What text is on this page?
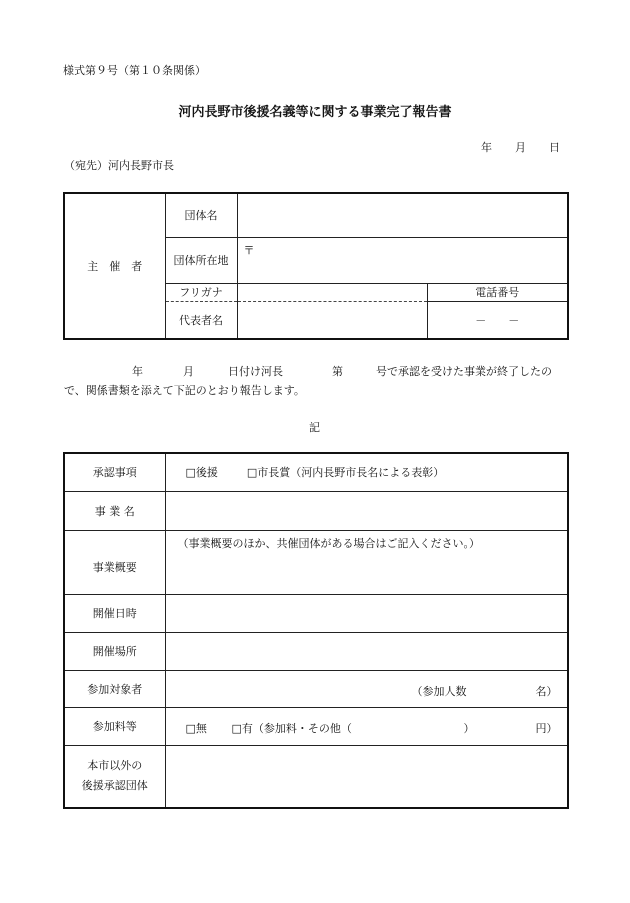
様式第９号（第１０条関係）
河内長野市後援名義等に関する事業完了報告書
年 月 日
（宛先）河内長野市長
主　催　者	団体名		
	団体所在地	〒	
	フリガナ		電話番号
	代表者名		－　　－
年	月	日付け河長	第	号で承認を受けた事業が終了したの
で、関係書類を添えて下記のとおり報告します。
記
承認事項	□後援 □市長賞（河内長野市長名による表彰）
事 業 名	
事業概要	（事業概要のほか、共催団体がある場合はご記入ください。）
開催日時	
開催場所	
参加対象者	（参加人数 名）

参加料等	□無 □有（参加料・その他（ ） 円）

本市以外の
後援承認団体	
